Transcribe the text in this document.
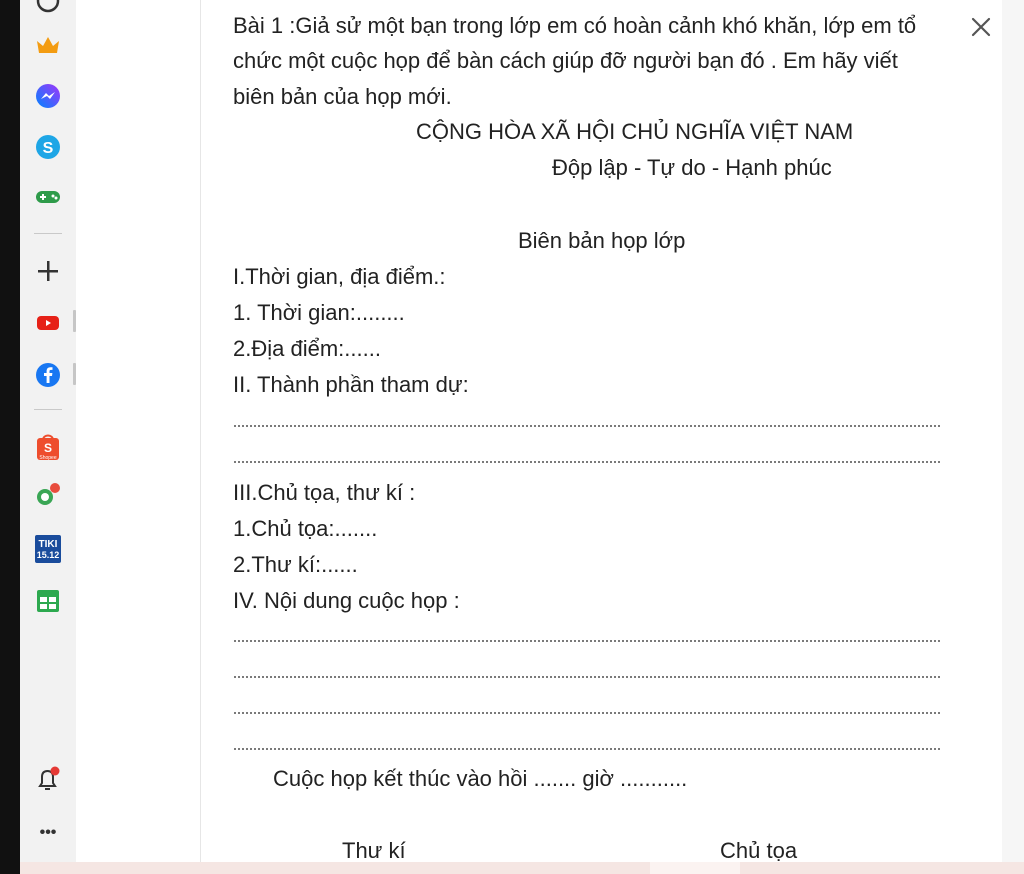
S
S
Shopee
TIKI
15.12
•••
Bài 1 :Giả sử một bạn trong lớp em có hoàn cảnh khó khăn, lớp em tổ
chức một cuộc họp để bàn cách giúp đỡ người bạn đó . Em hãy viết
biên bản của họp mới.
CỘNG HÒA XÃ HỘI CHỦ NGHĨA VIỆT NAM
Độp lập - Tự do - Hạnh phúc
Biên bản họp lớp
I.Thời gian, địa điểm.:
1. Thời gian:........
2.Địa điểm:......
II. Thành phần tham dự:
III.Chủ tọa, thư kí :
1.Chủ tọa:.......
2.Thư kí:......
IV. Nội dung cuộc họp :
Cuộc họp kết thúc vào hồi ....... giờ ...........
Thư kí	Chủ tọa
